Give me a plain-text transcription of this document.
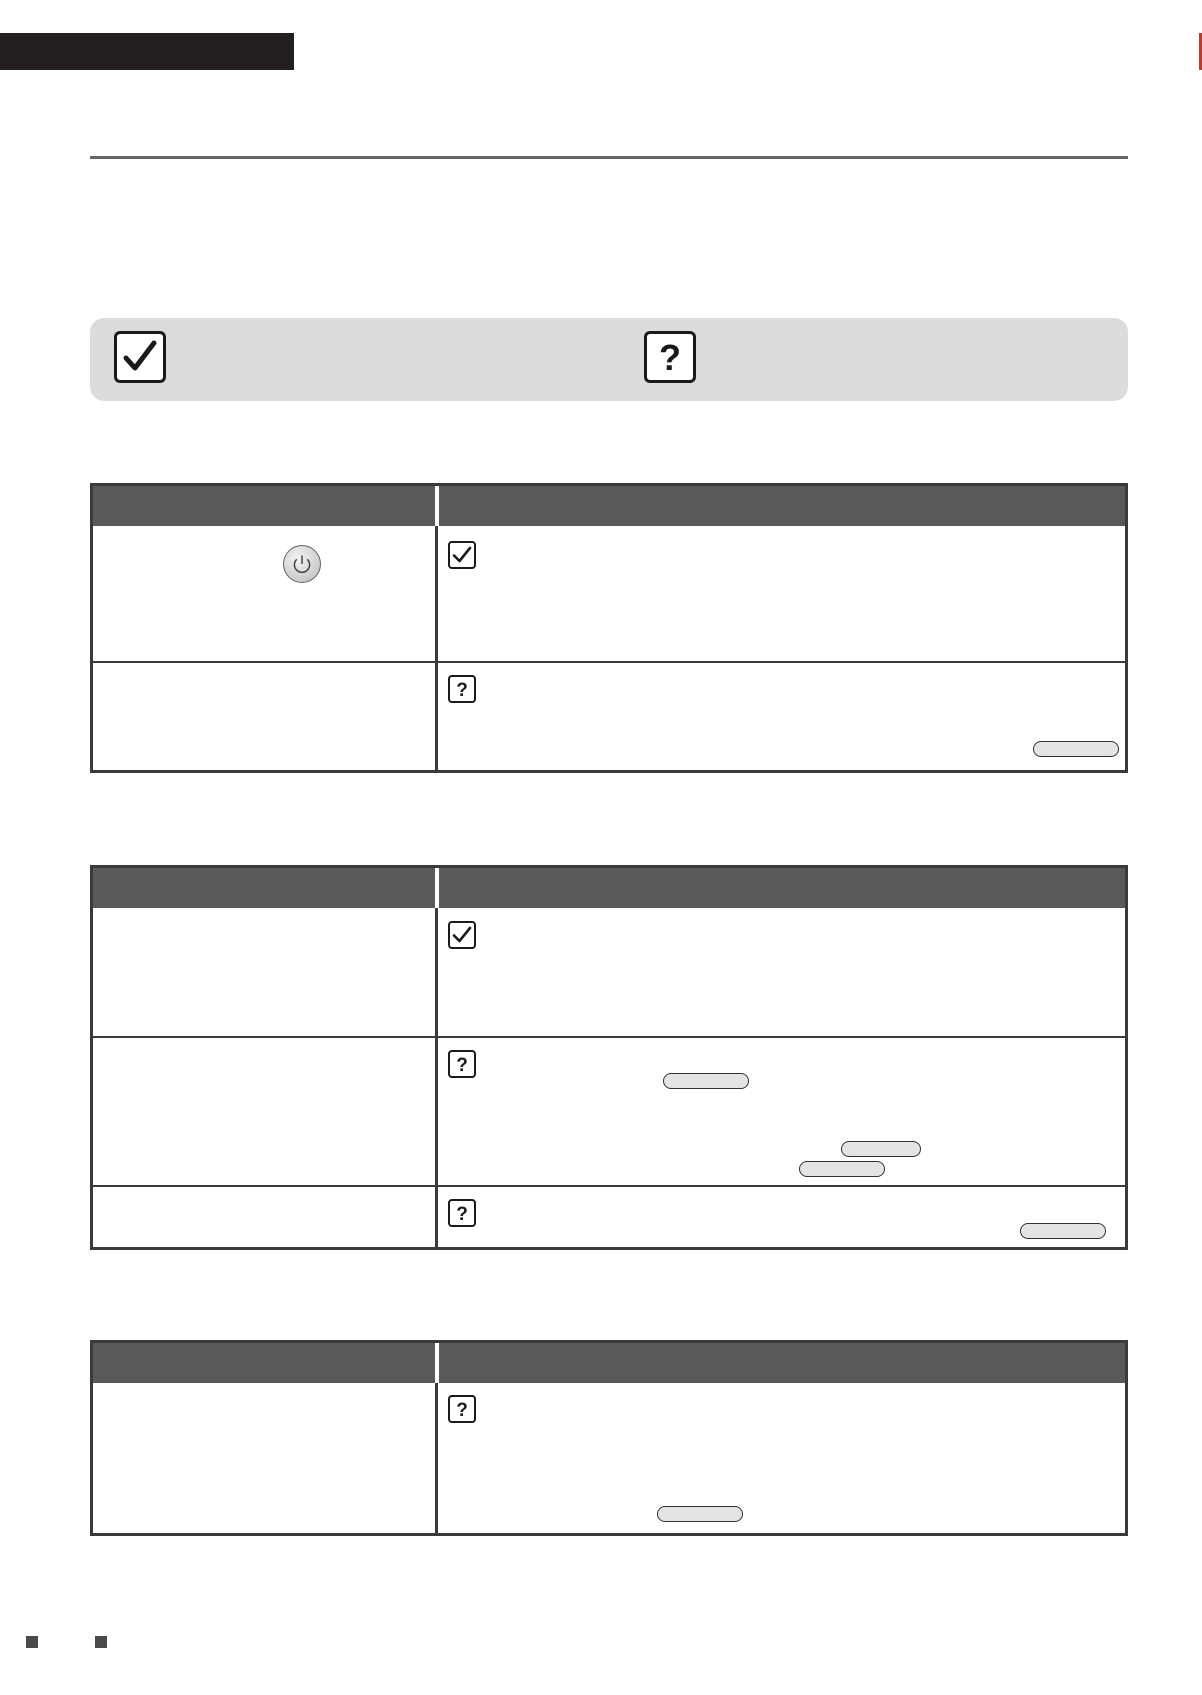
?
?
?
?
?
